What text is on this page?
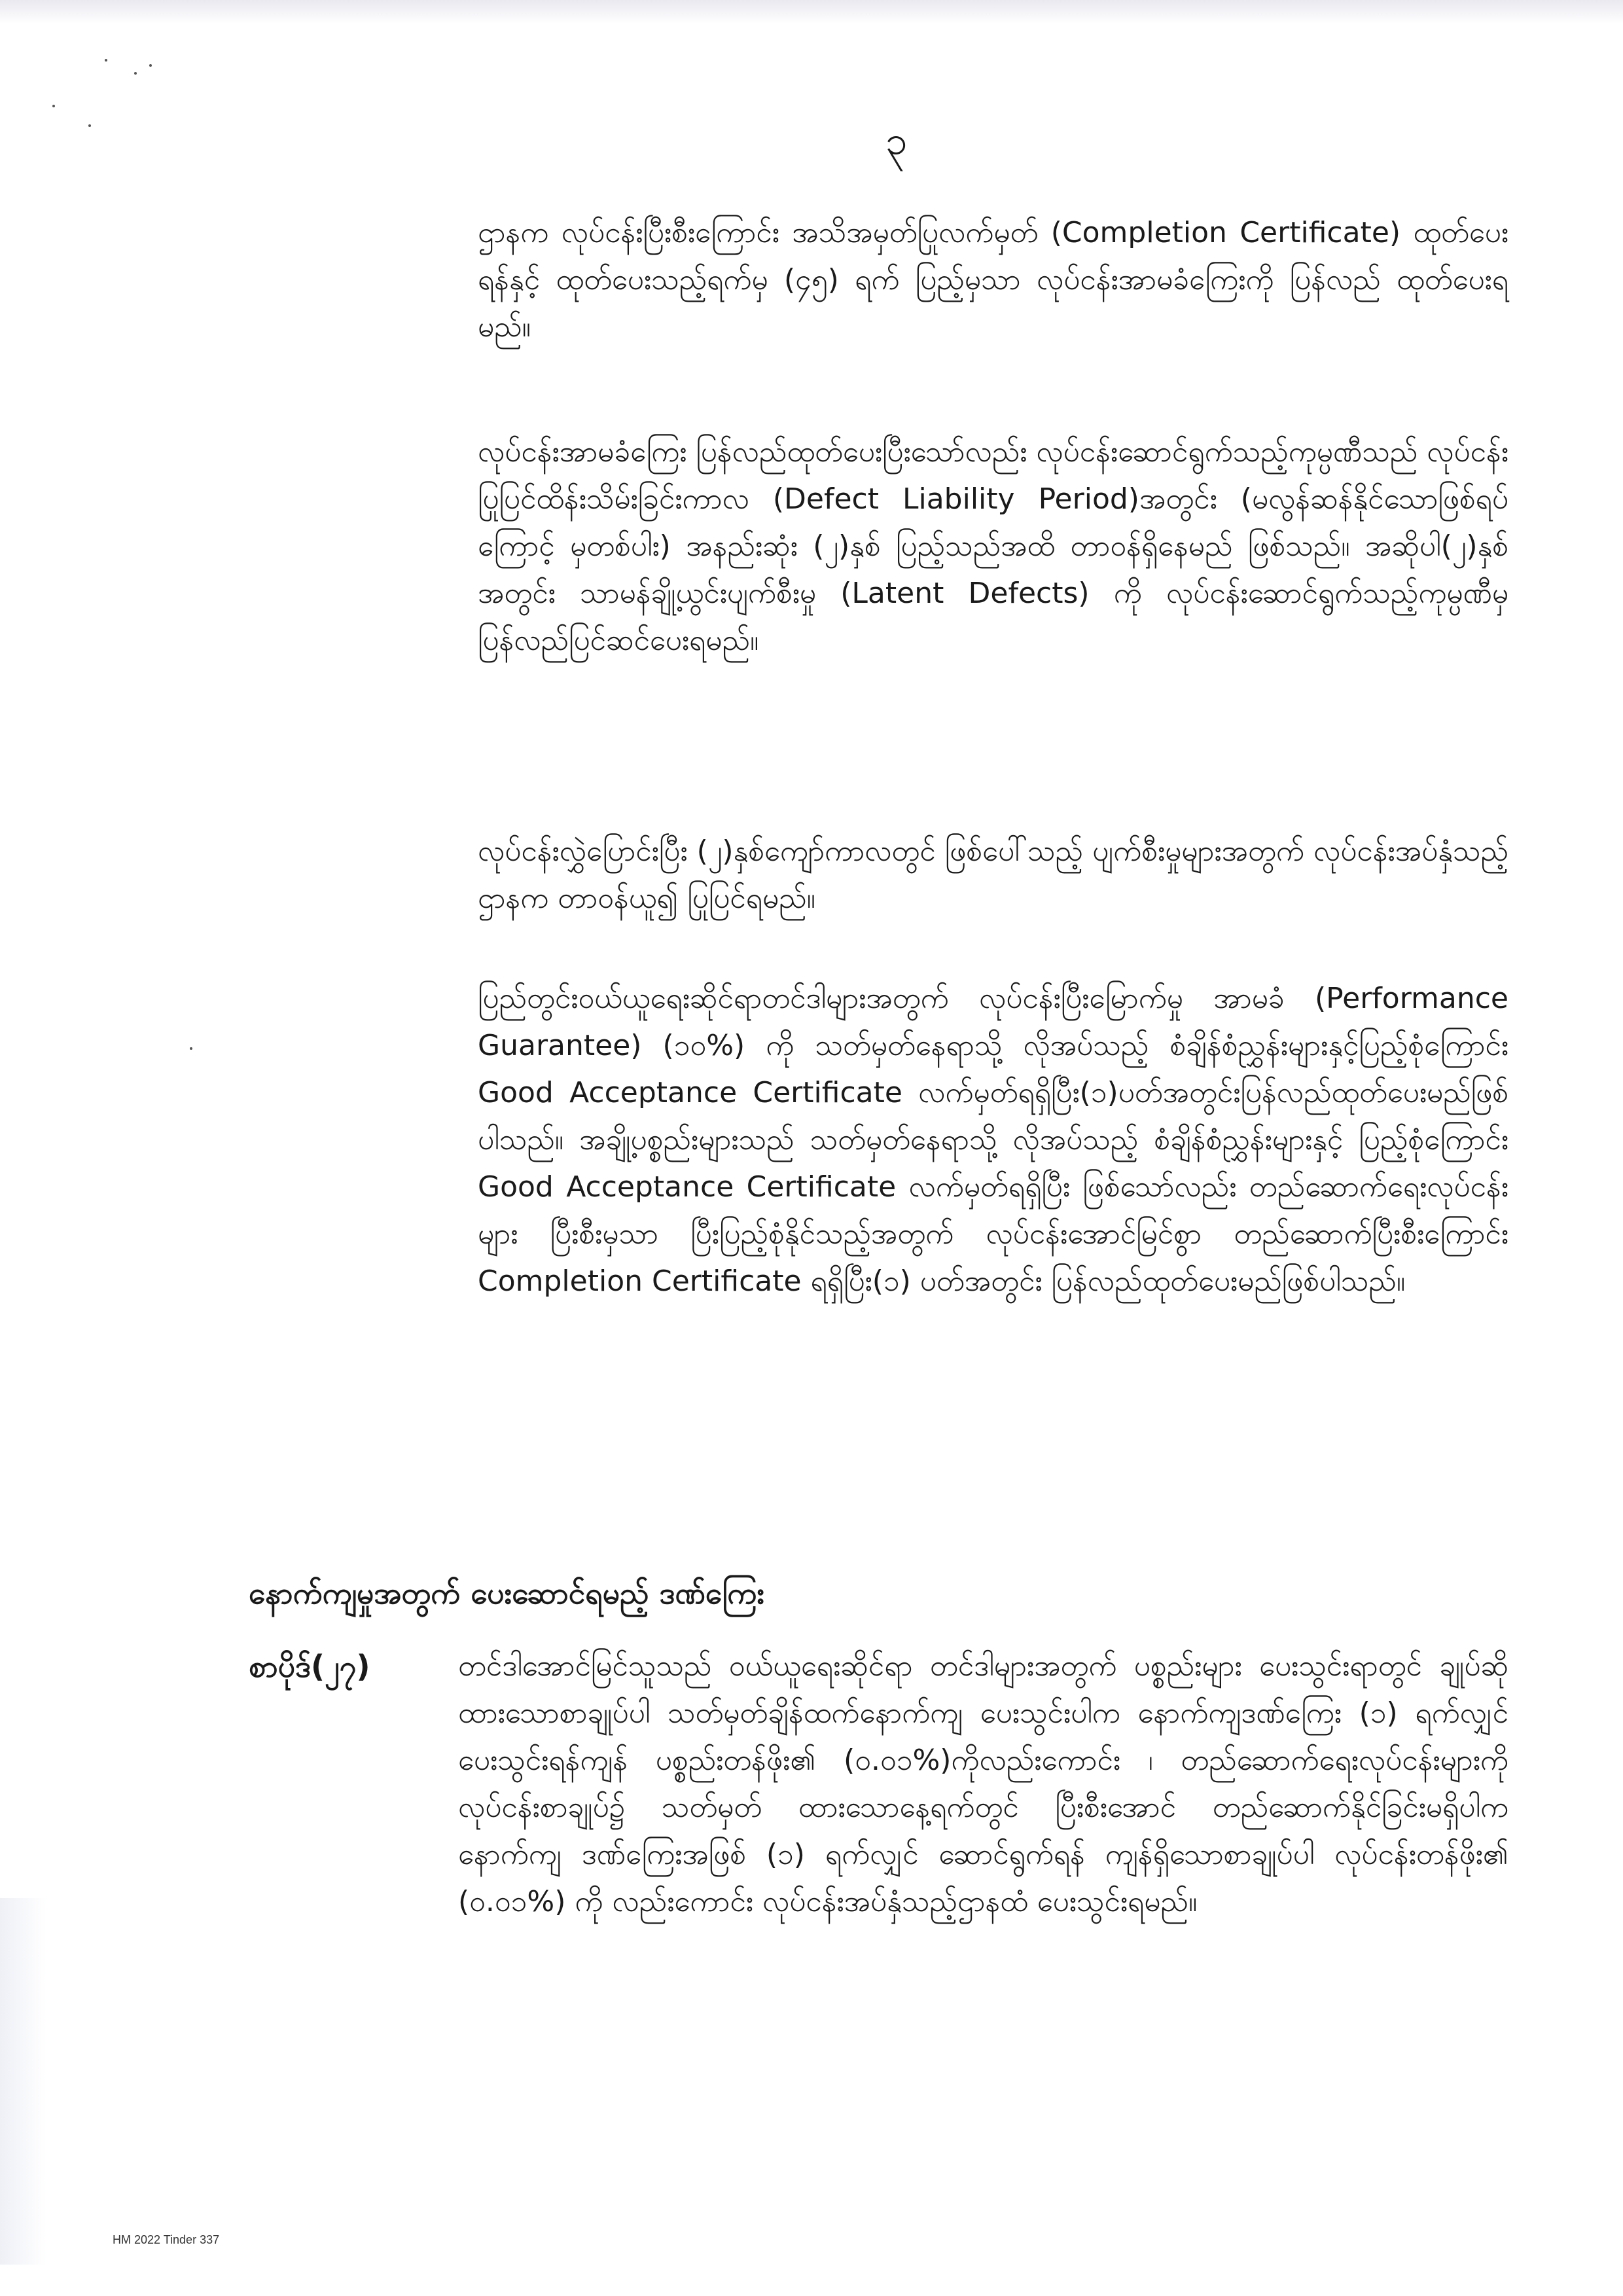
၃

ဌာနက လုပ်ငန်းပြီးစီးကြောင်း အသိအမှတ်ပြုလက်မှတ် (Completion Certificate) ထုတ်ပေးရန်နှင့် ထုတ်ပေးသည့်ရက်မှ (၄၅) ရက် ပြည့်မှသာ လုပ်ငန်းအာမခံကြေးကို ပြန်လည် ထုတ်ပေးရမည်။

လုပ်ငန်းအာမခံကြေး ပြန်လည်ထုတ်ပေးပြီးသော်လည်း လုပ်ငန်းဆောင်ရွက်သည့်ကုမ္ပဏီသည် လုပ်ငန်းပြုပြင်ထိန်းသိမ်းခြင်းကာလ (Defect Liability Period)အတွင်း (မလွန်ဆန်နိုင်သောဖြစ်ရပ်ကြောင့် မှတစ်ပါး) အနည်းဆုံး (၂)နှစ် ပြည့်သည်အထိ တာဝန်ရှိနေမည် ဖြစ်သည်။ အဆိုပါ(၂)နှစ်အတွင်း သာမန်ချို့ယွင်းပျက်စီးမှု (Latent Defects) ကို လုပ်ငန်းဆောင်ရွက်သည့်ကုမ္ပဏီမှ ပြန်လည်ပြင်ဆင်ပေးရမည်။

လုပ်ငန်းလွှဲပြောင်းပြီး (၂)နှစ်ကျော်ကာလတွင် ဖြစ်ပေါ်သည့် ပျက်စီးမှုများအတွက် လုပ်ငန်းအပ်နှံသည့်ဌာနက တာဝန်ယူ၍ ပြုပြင်ရမည်။

ပြည်တွင်းဝယ်ယူရေးဆိုင်ရာတင်ဒါများအတွက် လုပ်ငန်းပြီးမြောက်မှု အာမခံ (Performance Guarantee) (၁၀%) ကို သတ်မှတ်နေရာသို့ လိုအပ်သည့် စံချိန်စံညွှန်းများနှင့်ပြည့်စုံကြောင်း Good Acceptance Certificate လက်မှတ်ရရှိပြီး(၁)ပတ်အတွင်းပြန်လည်ထုတ်ပေးမည်ဖြစ်ပါသည်။ အချို့ပစ္စည်းများသည် သတ်မှတ်နေရာသို့ လိုအပ်သည့် စံချိန်စံညွှန်းများနှင့် ပြည့်စုံကြောင်း Good Acceptance Certificate လက်မှတ်ရရှိပြီး ဖြစ်သော်လည်း တည်ဆောက်ရေးလုပ်ငန်းများ ပြီးစီးမှသာ ပြီးပြည့်စုံနိုင်သည့်အတွက် လုပ်ငန်းအောင်မြင်စွာ တည်ဆောက်ပြီးစီးကြောင်း Completion Certificate ရရှိပြီး(၁) ပတ်အတွင်း ပြန်လည်ထုတ်ပေးမည်ဖြစ်ပါသည်။

နောက်ကျမှုအတွက် ပေးဆောင်ရမည့် ဒဏ်ကြေး
စာပိုဒ်(၂၇)	တင်ဒါအောင်မြင်သူသည် ဝယ်ယူရေးဆိုင်ရာ တင်ဒါများအတွက် ပစ္စည်းများ ပေးသွင်းရာတွင် ချုပ်ဆိုထားသောစာချုပ်ပါ သတ်မှတ်ချိန်ထက်နောက်ကျ ပေးသွင်းပါက နောက်ကျဒဏ်ကြေး (၁) ရက်လျှင် ပေးသွင်းရန်ကျန် ပစ္စည်းတန်ဖိုး၏ (၀.၀၁%)ကိုလည်းကောင်း ၊ တည်ဆောက်ရေးလုပ်ငန်းများကို လုပ်ငန်းစာချုပ်၌ သတ်မှတ် ထားသောနေ့ရက်တွင် ပြီးစီးအောင် တည်ဆောက်နိုင်ခြင်းမရှိပါက နောက်ကျ ဒဏ်ကြေးအဖြစ် (၁) ရက်လျှင် ဆောင်ရွက်ရန် ကျန်ရှိသောစာချုပ်ပါ လုပ်ငန်းတန်ဖိုး၏ (၀.၀၁%) ကို လည်းကောင်း လုပ်ငန်းအပ်နှံသည့်ဌာနထံ ပေးသွင်းရမည်။

HM 2022 Tinder 337
